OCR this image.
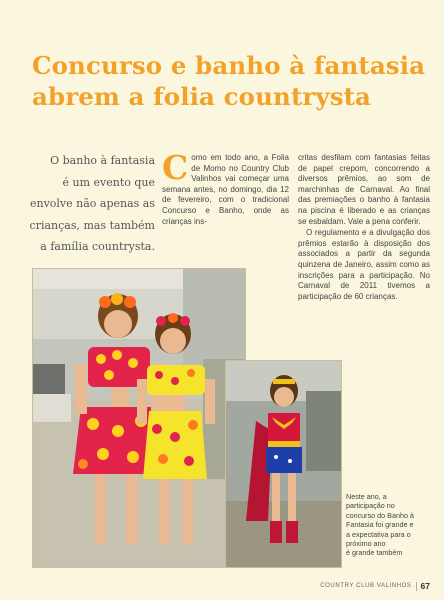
Concurso e banho à fantasia
abrem a folia countrysta
O banho à fantasia
é um evento que
envolve não apenas as
crianças, mas também
a família countrysta.
C omo em todo ano, a Folia de Momo no Country Club Valinhos vai começar uma semana antes, no domingo, dia 12 de fevereiro, com o tradicional Concurso e Banho, onde as crianças ins-

critas desfilam com fantasias feitas de papel crepom, concorrendo a diversos prêmios, ao som de marchinhas de Carnaval. Ao final das premiações o banho à fantasia na piscina é liberado e as crianças se esbaldam. Vale a pena conferir.

O regulamento e a divulgação dos prêmios estarão à disposição dos associados a partir da segunda quinzena de Janeiro, assim como as inscrições para a participação. No Carnaval de 2011 tivemos a participação de 60 crianças.

Neste ano, a
participação no
concurso do Banho à
Fantasia foi grande e
a expectativa para o
próximo ano
é grande também
COUNTRY CLUB VALINHOS 67
